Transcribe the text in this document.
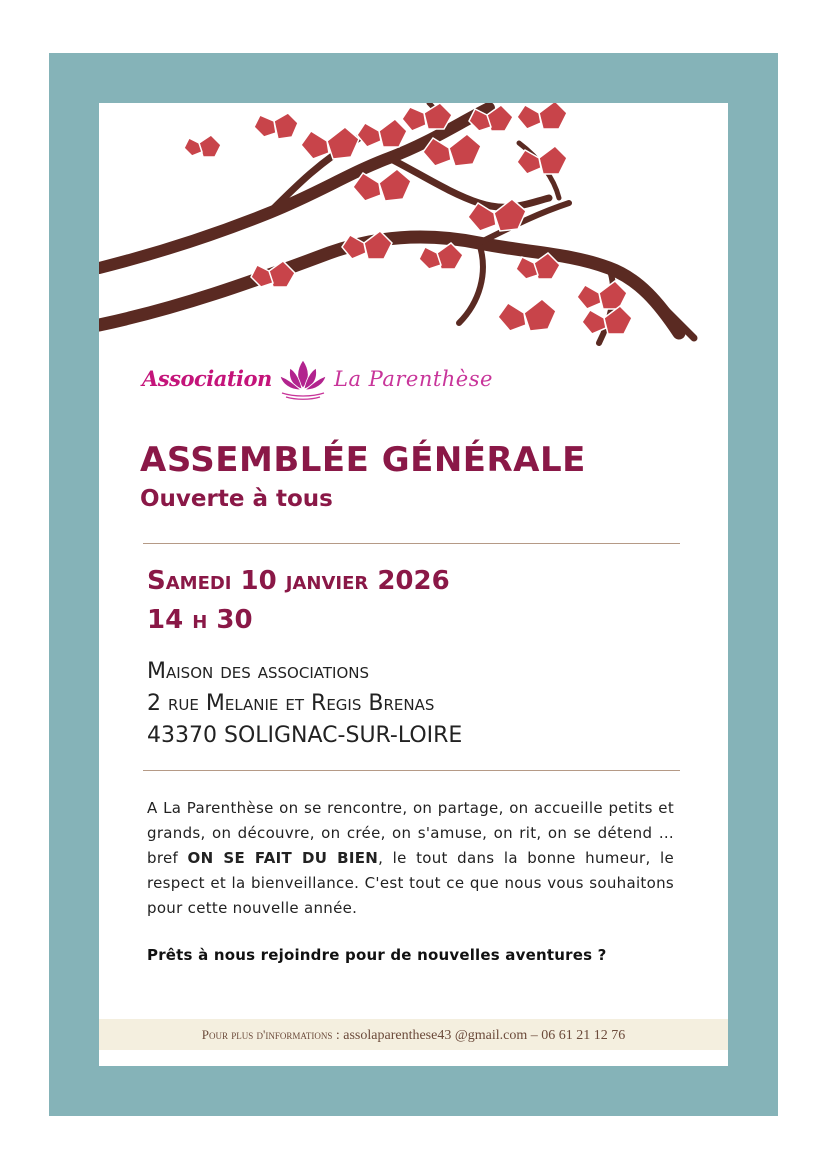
Association	La Parenthèse
ASSEMBLÉE GÉNÉRALE
Ouverte à tous

Samedi 10 janvier 2026

14 h 30

Maison des associations

2 rue Melanie et Regis Brenas

43370 SOLIGNAC-SUR-LOIRE

A La Parenthèse on se rencontre, on partage, on accueille petits et grands, on découvre, on crée, on s'amuse, on rit, on se détend … bref ON SE FAIT DU BIEN, le tout dans la bonne humeur, le respect et la bienveillance. C'est tout ce que nous vous souhaitons pour cette nouvelle année.

Prêts à nous rejoindre pour de nouvelles aventures ?

Pour plus d'informations : assolaparenthese43 @gmail.com – 06 61 21 12 76
